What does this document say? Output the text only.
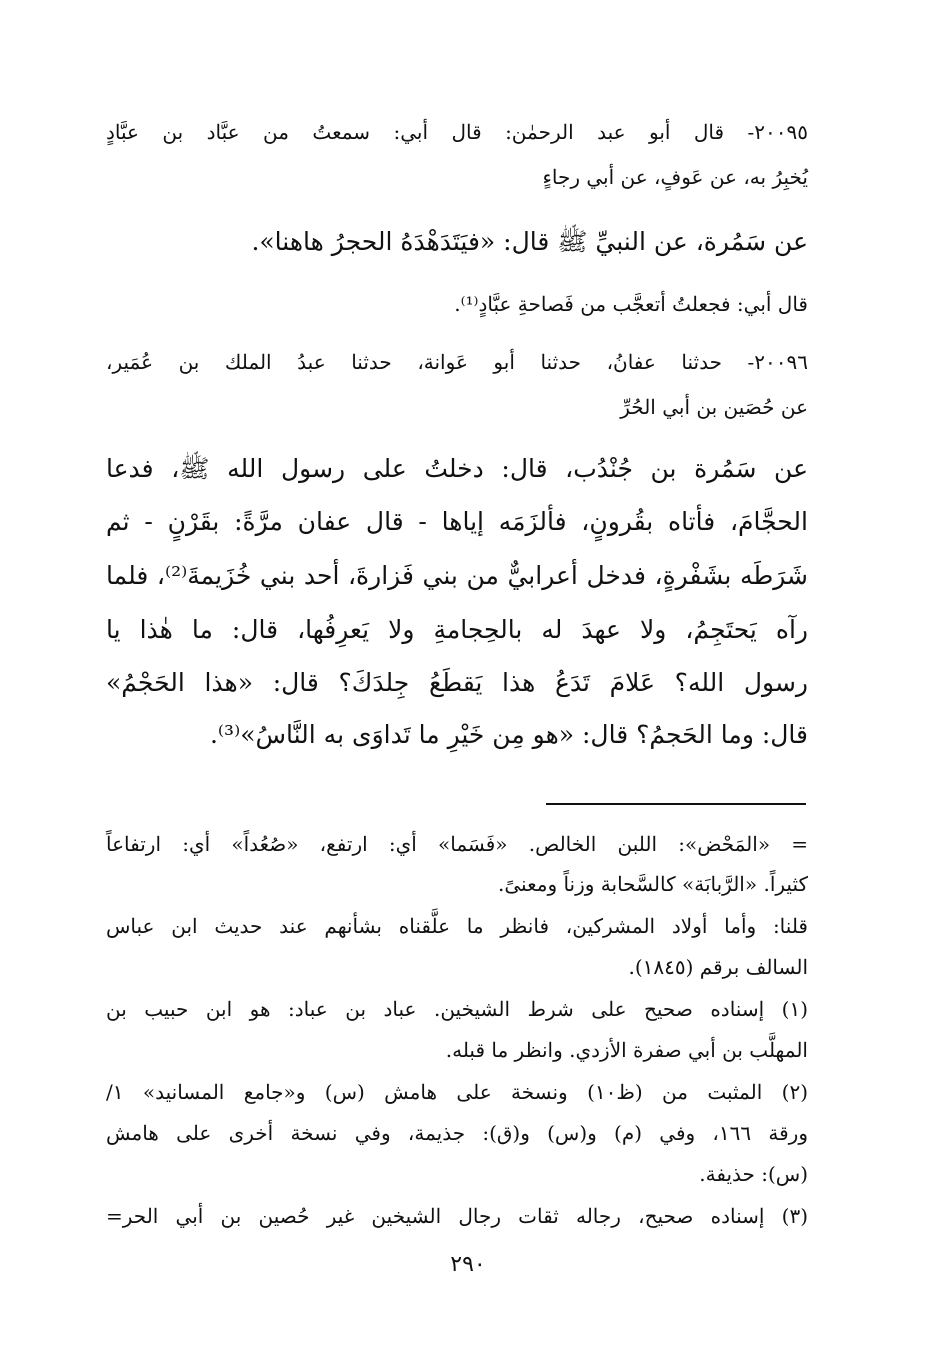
٢٠٠٩٥- قال أبو عبد الرحمٰن: قال أبي: سمعتُ من عبَّاد بن عبَّادٍ
يُخبِرُ به، عن عَوفٍ، عن أبي رجاءٍ
عن سَمُرة، عن النبيِّ ﷺ قال: «فيَتَدَهْدَهُ الحجرُ هاهنا».
قال أبي: فجعلتُ أتعجَّب من فَصاحةِ عبَّادٍ⁽¹⁾.
٢٠٠٩٦- حدثنا عفانُ، حدثنا أبو عَوانة، حدثنا عبدُ الملك بن عُمَير،
عن حُصَين بن أبي الحُرِّ
عن سَمُرة بن جُنْدُب، قال: دخلتُ على رسول الله ﷺ، فدعا
الحجَّامَ، فأتاه بقُرونٍ، فألزَمَه إياها - قال عفان مرَّةً: بقَرْنٍ - ثم
شَرَطَه بشَفْرةٍ، فدخل أعرابيٌّ من بني فَزارةَ، أحد بني خُزَيمةَ⁽²⁾، فلما
رآه يَحتَجِمُ، ولا عهدَ له بالحِجامةِ ولا يَعرِفُها، قال: ما هٰذا يا
رسول الله؟ عَلامَ تَدَعُ هذا يَقطَعُ جِلدَكَ؟ قال: «هذا الحَجْمُ»
قال: وما الحَجمُ؟ قال: «هو مِن خَيْرِ ما تَداوَى به النَّاسُ»⁽³⁾.
= «المَحْض»: اللبن الخالص. «فَسَما» أي: ارتفع، «صُعُداً» أي: ارتفاعاً
كثيراً. «الرَّبابَة» كالسَّحابة وزناً ومعنىً.
قلنا: وأما أولاد المشركين، فانظر ما علَّقناه بشأنهم عند حديث ابن عباس
السالف برقم (١٨٤٥).
(١) إسناده صحيح على شرط الشيخين. عباد بن عباد: هو ابن حبيب بن
المهلَّب بن أبي صفرة الأزدي. وانظر ما قبله.
(٢) المثبت من (ظ١٠) ونسخة على هامش (س) و«جامع المسانيد» ١/
ورقة ١٦٦، وفي (م) و(س) و(ق): جذيمة، وفي نسخة أخرى على هامش
(س): حذيفة.
(٣) إسناده صحيح، رجاله ثقات رجال الشيخين غير حُصين بن أبي الحر=
٢٩٠
